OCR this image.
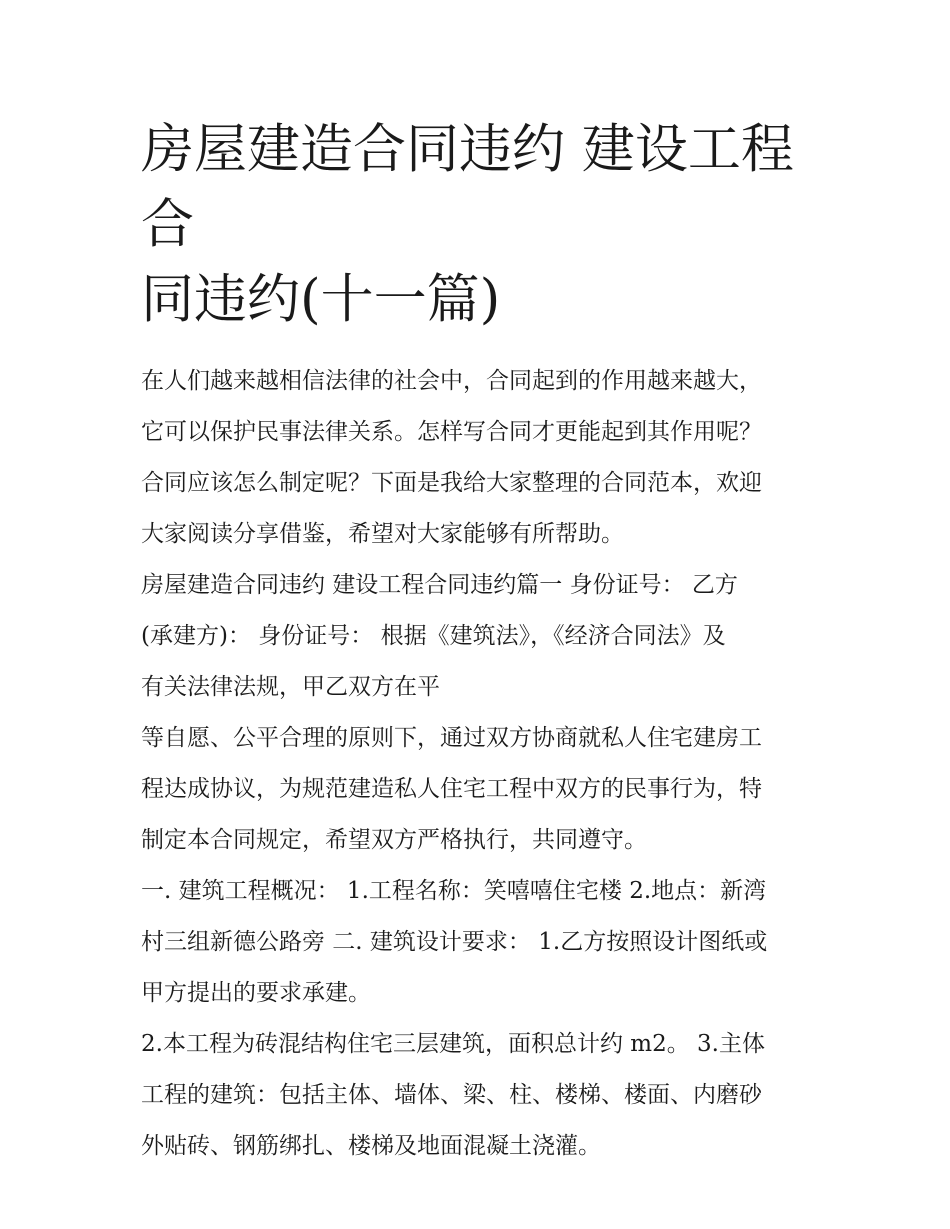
房屋建造合同违约 建设工程合
同违约(十一篇)

在人们越来越相信法律的社会中，合同起到的作用越来越大，
它可以保护民事法律关系。怎样写合同才更能起到其作用呢？
合同应该怎么制定呢？下面是我给大家整理的合同范本，欢迎
大家阅读分享借鉴，希望对大家能够有所帮助。

房屋建造合同违约 建设工程合同违约篇一 身份证号： 乙方
(承建方)： 身份证号： 根据《建筑法》，《经济合同法》及
有关法律法规，甲乙双方在平

等自愿、公平合理的原则下，通过双方协商就私人住宅建房工
程达成协议，为规范建造私人住宅工程中双方的民事行为，特
制定本合同规定，希望双方严格执行，共同遵守。

一. 建筑工程概况： 1.工程名称：笑嘻嘻住宅楼 2.地点：新湾
村三组新德公路旁 二. 建筑设计要求： 1.乙方按照设计图纸或
甲方提出的要求承建。

2.本工程为砖混结构住宅三层建筑，面积总计约 m2。 3.主体
工程的建筑：包括主体、墙体、梁、柱、楼梯、楼面、内磨砂
外贴砖、钢筋绑扎、楼梯及地面混凝土浇灌。
